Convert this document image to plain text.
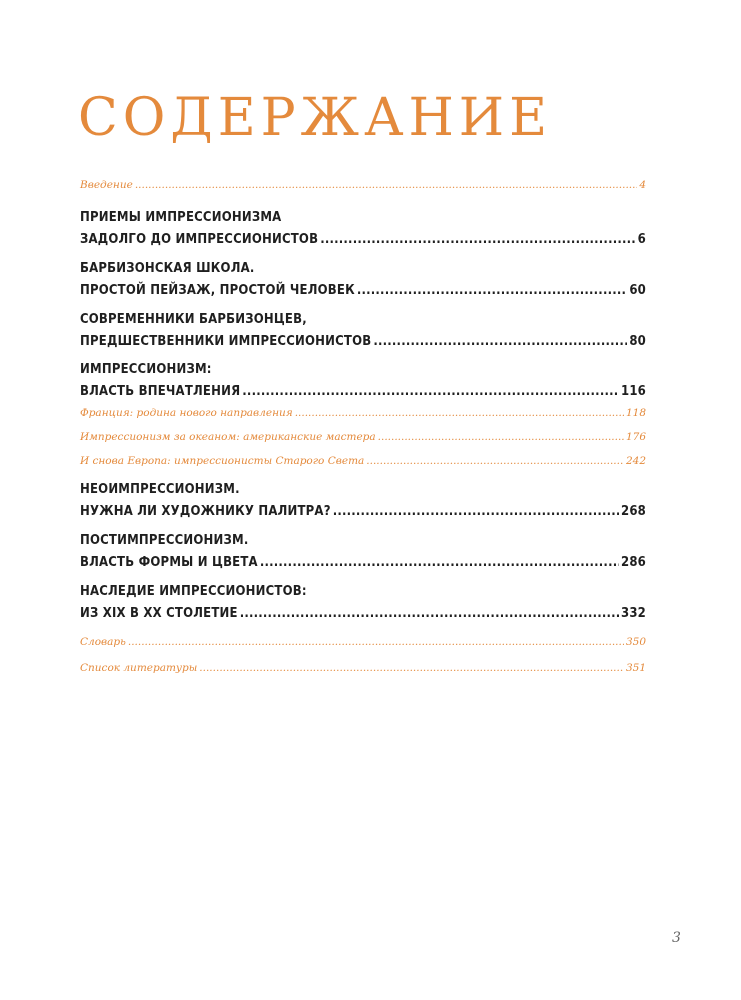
СОДЕРЖАНИЕ
Введение .....	4
ПРИЕМЫ ИМПРЕССИОНИЗМА
ЗАДОЛГО ДО ИМПРЕССИОНИСТОВ .....	6
БАРБИЗОНСКАЯ ШКОЛА.
ПРОСТОЙ ПЕЙЗАЖ, ПРОСТОЙ ЧЕЛОВЕК .....	60
СОВРЕМЕННИКИ БАРБИЗОНЦЕВ,
ПРЕДШЕСТВЕННИКИ ИМПРЕССИОНИСТОВ .....	80
ИМПРЕССИОНИЗМ:
ВЛАСТЬ ВПЕЧАТЛЕНИЯ .....	116
Франция: родина нового направления .....	118
Импрессионизм за океаном: американские мастера .....	176
И снова Европа: импрессионисты Старого Света .....	242
НЕОИМПРЕССИОНИЗМ.
НУЖНА ЛИ ХУДОЖНИКУ ПАЛИТРА? .....	268
ПОСТИМПРЕССИОНИЗМ.
ВЛАСТЬ ФОРМЫ И ЦВЕТА .....	286
НАСЛЕДИЕ ИМПРЕССИОНИСТОВ:
ИЗ XIX В XX СТОЛЕТИЕ .....	332
Словарь .....	350
Список литературы .....	351
3
